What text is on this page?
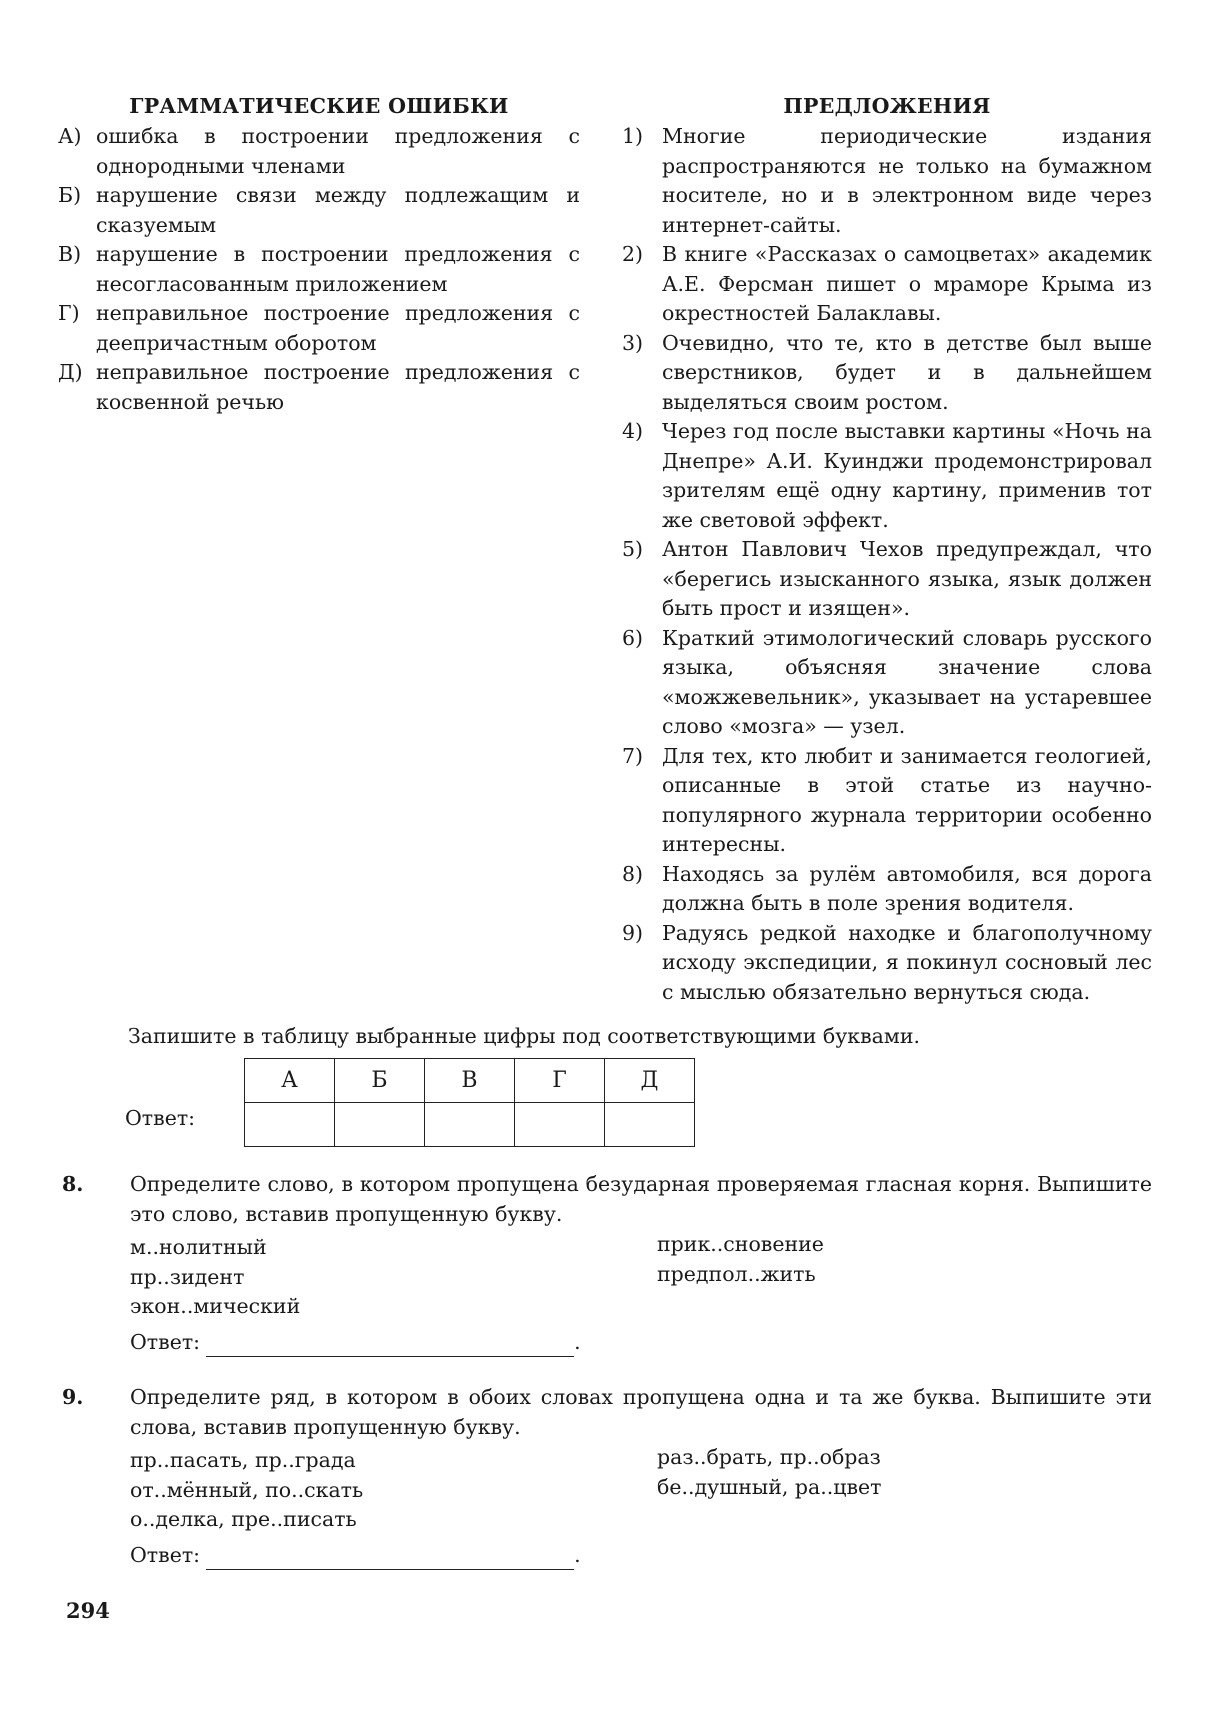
ГРАММАТИЧЕСКИЕ ОШИБКИ
А) ошибка в построении предложения с однородными членами
Б) нарушение связи между подлежащим и сказуемым
В) нарушение в построении предложения с несогласованным приложением
Г) неправильное построение предложения с деепричастным оборотом
Д) неправильное построение предложения с косвенной речью
ПРЕДЛОЖЕНИЯ
1) Многие периодические издания распространяются не только на бумажном носителе, но и в электронном виде через интернет-сайты.
2) В книге «Рассказах о самоцветах» академик А.Е. Ферсман пишет о мраморе Крыма из окрестностей Балаклавы.
3) Очевидно, что те, кто в детстве был выше сверстников, будет и в дальнейшем выделяться своим ростом.
4) Через год после выставки картины «Ночь на Днепре» А.И. Куинджи продемонстрировал зрителям ещё одну картину, применив тот же световой эффект.
5) Антон Павлович Чехов предупреждал, что «берегись изысканного языка, язык должен быть прост и изящен».
6) Краткий этимологический словарь русского языка, объясняя значение слова «можжевельник», указывает на устаревшее слово «мозга» — узел.
7) Для тех, кто любит и занимается геологией, описанные в этой статье из научно-популярного журнала территории особенно интересны.
8) Находясь за рулём автомобиля, вся дорога должна быть в поле зрения водителя.
9) Радуясь редкой находке и благополучному исходу экспедиции, я покинул сосновый лес с мыслью обязательно вернуться сюда.
Запишите в таблицу выбранные цифры под соответствующими буквами.
Ответ:
А	Б	В	Г	Д

8. Определите слово, в котором пропущена безударная проверяемая гласная корня. Выпишите это слово, вставив пропущенную букву.
м..нолитный
пр..зидент
экон..мический
прик..сновение
предпол..жить
Ответ:	.
9. Определите ряд, в котором в обоих словах пропущена одна и та же буква. Выпишите эти слова, вставив пропущенную букву.
пр..пасать, пр..града
от..мённый, по..скать
о..делка, пре..писать
раз..брать, пр..образ
бе..душный, ра..цвет
Ответ:	.
294
